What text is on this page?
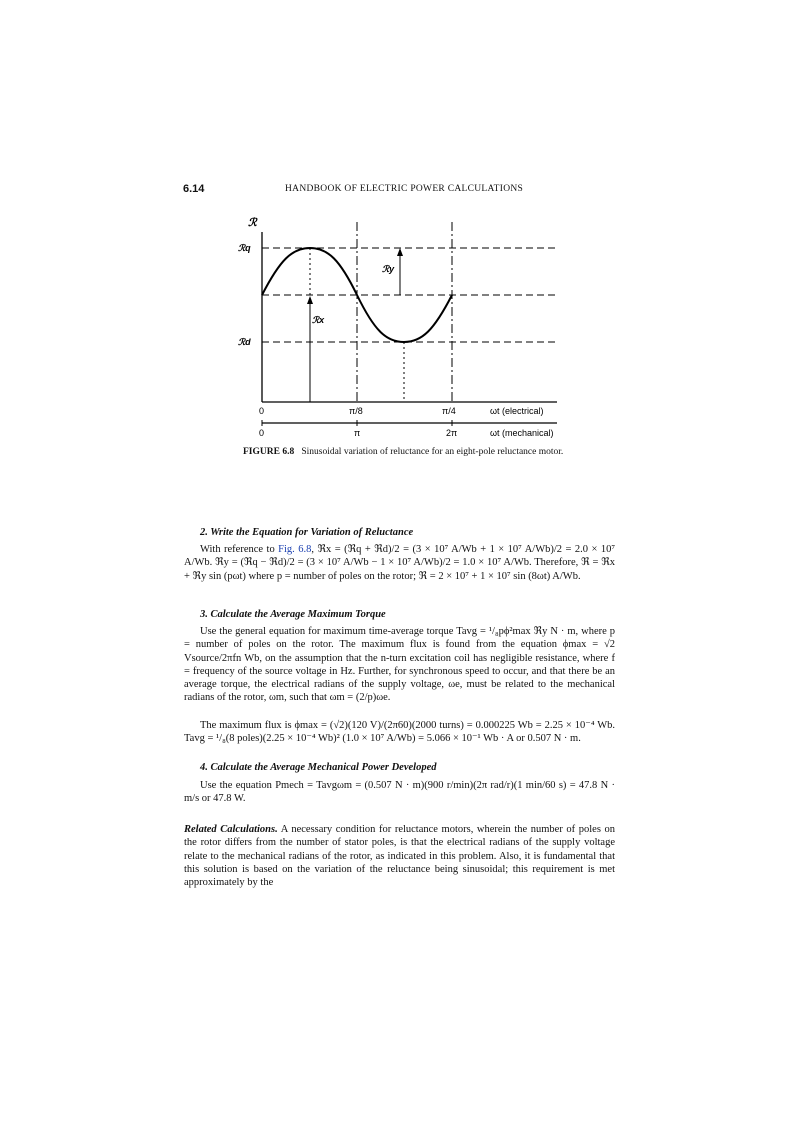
6.14	HANDBOOK OF ELECTRIC POWER CALCULATIONS
ℛ
ℛq
ℛd
ℛx
ℛy
0	π/8	π/4	ωt (electrical)
0	π	2π	ωt (mechanical)
FIGURE 6.8 Sinusoidal variation of reluctance for an eight-pole reluctance motor.
2. Write the Equation for Variation of Reluctance
With reference to Fig. 6.8, ℜx = (ℜq + ℜd)/2 = (3 × 10⁷ A/Wb + 1 × 10⁷ A/Wb)/2 = 2.0 × 10⁷ A/Wb. ℜy = (ℜq − ℜd)/2 = (3 × 10⁷ A/Wb − 1 × 10⁷ A/Wb)/2 = 1.0 × 10⁷ A/Wb. Therefore, ℜ = ℜx + ℜy sin (pωt) where p = number of poles on the rotor; ℜ = 2 × 10⁷ + 1 × 10⁷ sin (8ωt) A/Wb.
3. Calculate the Average Maximum Torque
Use the general equation for maximum time-average torque Tavg = ¹/₈pϕ²max ℜy N · m, where p = number of poles on the rotor. The maximum flux is found from the equation ϕmax = √2 Vsource/2πfn Wb, on the assumption that the n-turn excitation coil has negligible resistance, where f = frequency of the source voltage in Hz. Further, for synchronous speed to occur, and that there be an average torque, the electrical radians of the supply voltage, ωe, must be related to the mechanical radians of the rotor, ωm, such that ωm = (2/p)ωe.
The maximum flux is ϕmax = (√2)(120 V)/(2π60)(2000 turns) = 0.000225 Wb = 2.25 × 10⁻⁴ Wb. Tavg = ¹/₈(8 poles)(2.25 × 10⁻⁴ Wb)² (1.0 × 10⁷ A/Wb) = 5.066 × 10⁻¹ Wb · A or 0.507 N · m.
4. Calculate the Average Mechanical Power Developed
Use the equation Pmech = Tavgωm = (0.507 N · m)(900 r/min)(2π rad/r)(1 min/60 s) = 47.8 N · m/s or 47.8 W.
Related Calculations. A necessary condition for reluctance motors, wherein the number of poles on the rotor differs from the number of stator poles, is that the electrical radians of the supply voltage relate to the mechanical radians of the rotor, as indicated in this problem. Also, it is fundamental that this solution is based on the variation of the reluctance being sinusoidal; this requirement is met approximately by the
